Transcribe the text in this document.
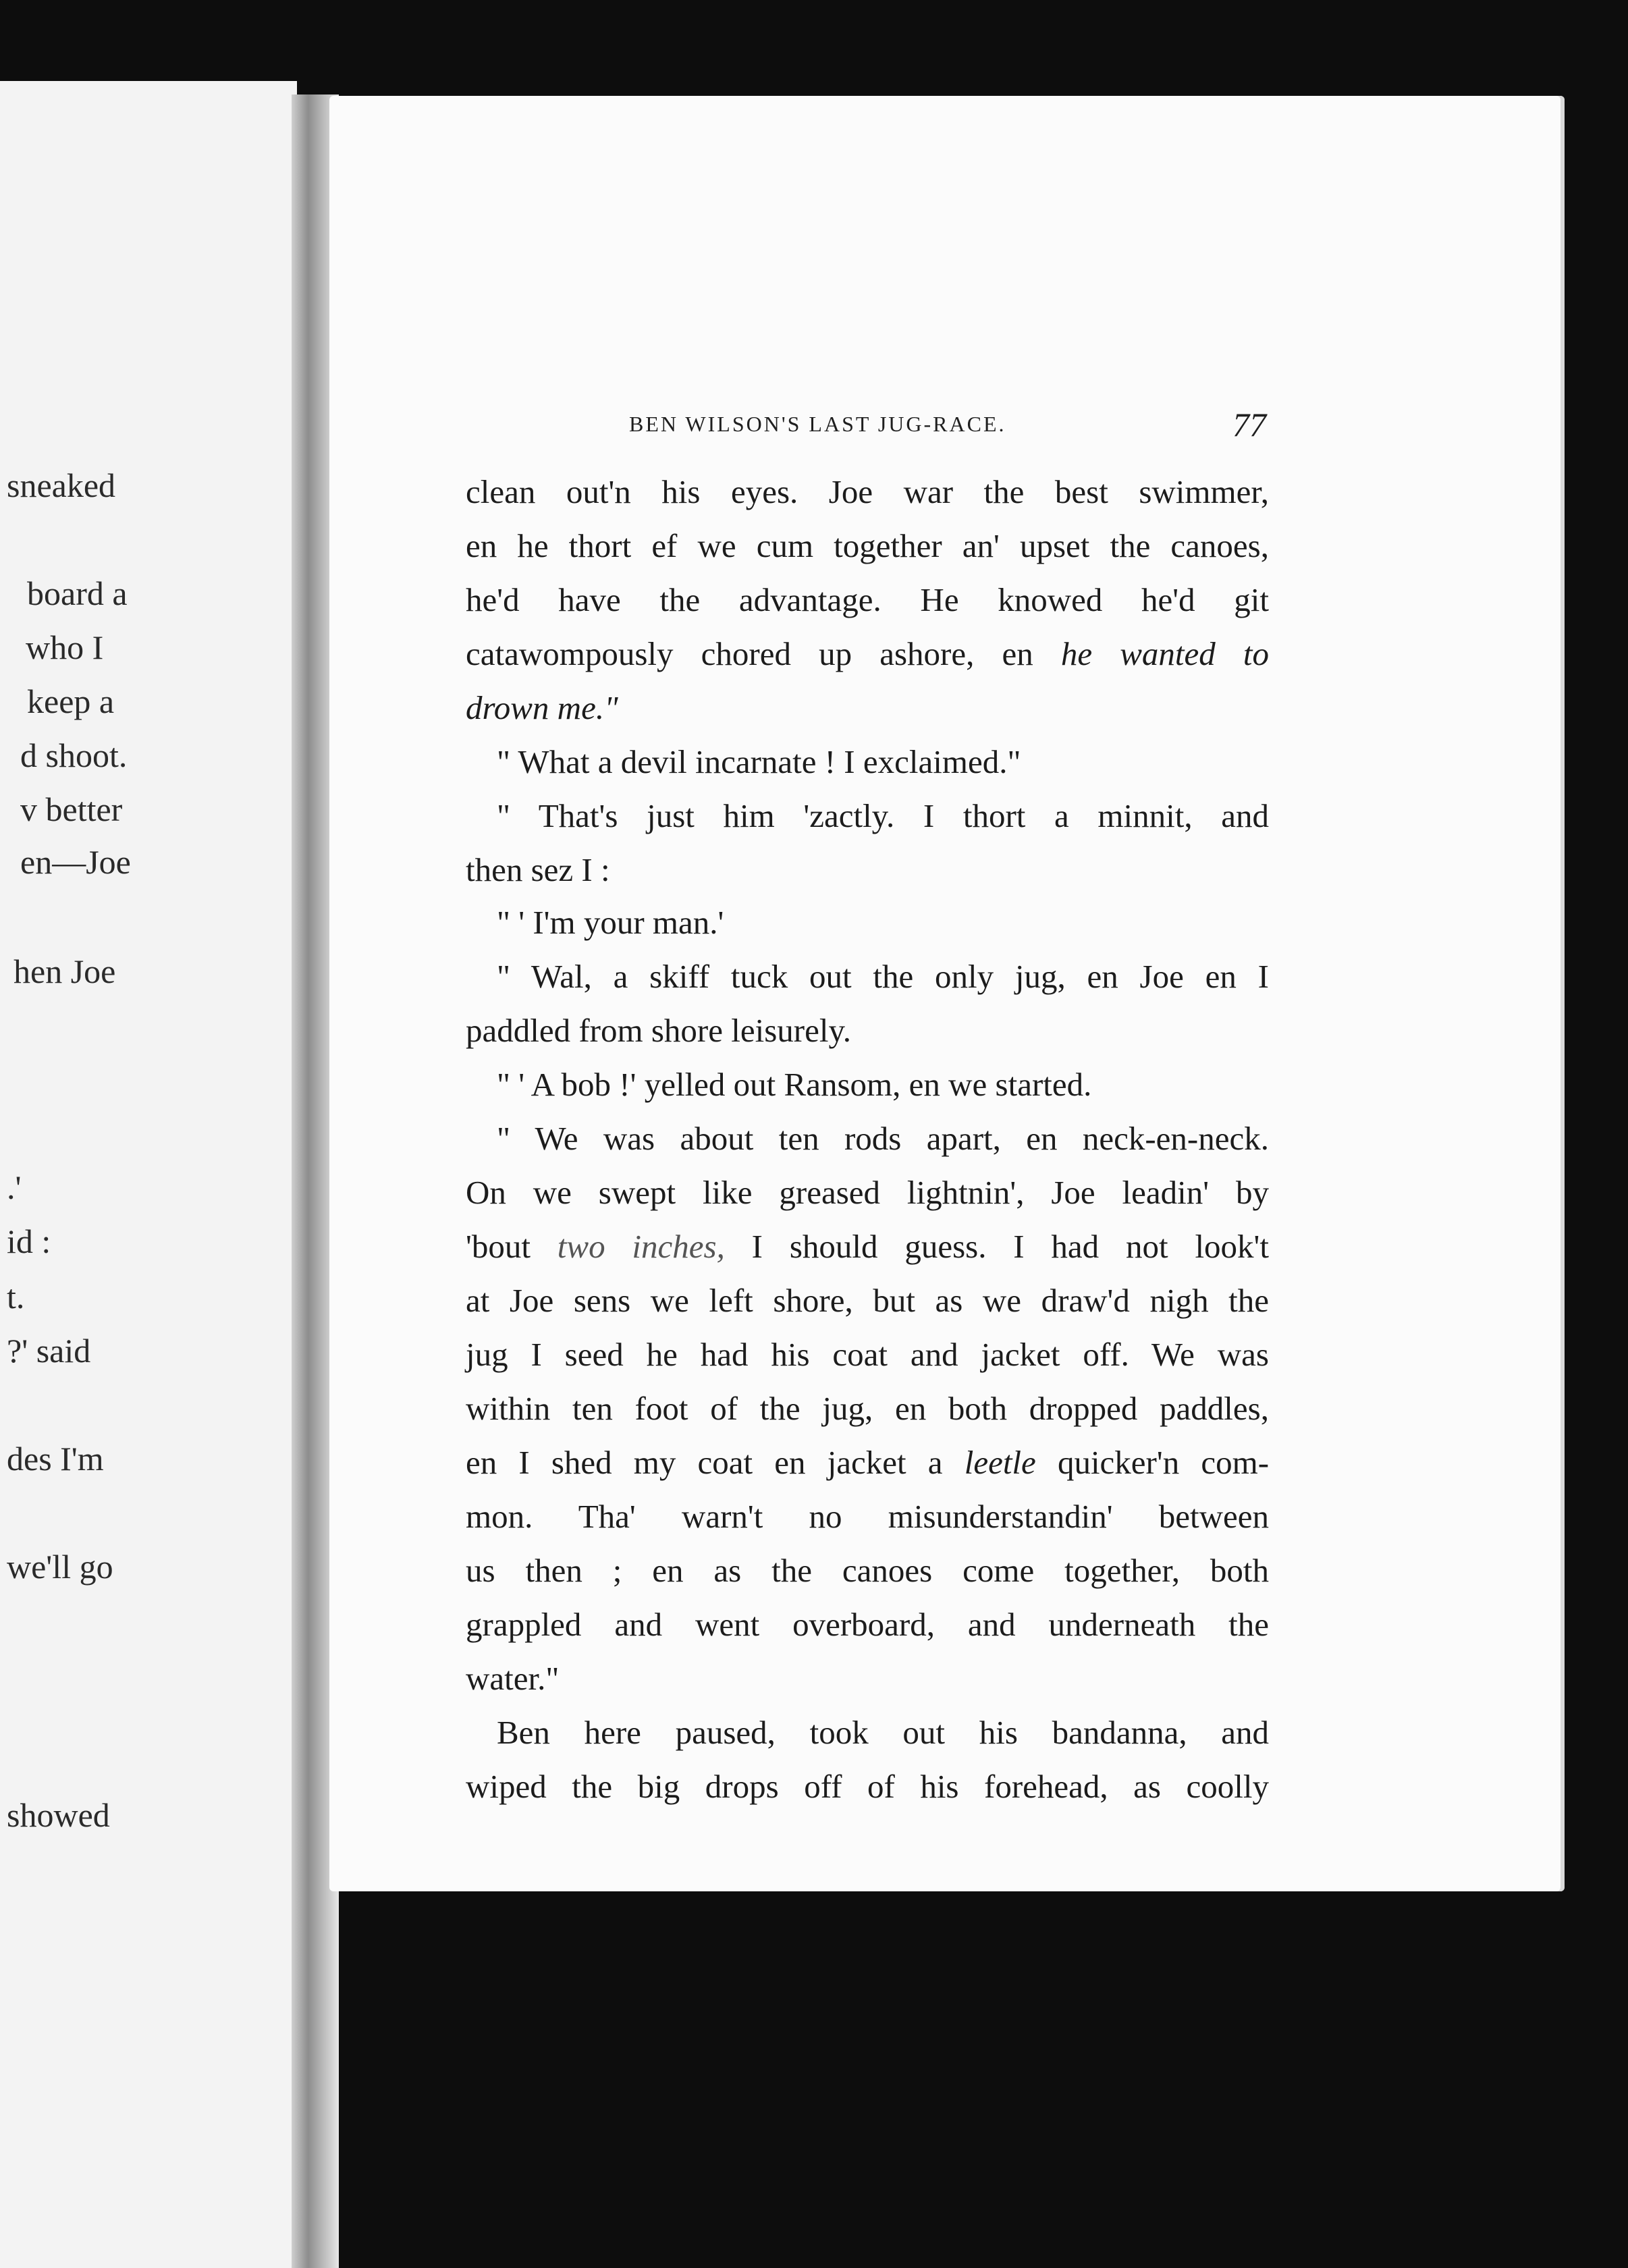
sneaked
board a
who I
keep a
d shoot.
v better
en—Joe
hen Joe
.'
id :
t.
?' said
des I'm
we'll go
showed
BEN WILSON'S LAST JUG-RACE.	77
clean out'n his eyes. Joe war the best swimmer,
en he thort ef we cum together an' upset the canoes,
he'd have the advantage. He knowed he'd git
catawompously chored up ashore, en he wanted to
drown me."
" What a devil incarnate ! I exclaimed."
" That's just him 'zactly. I thort a minnit, and
then sez I :
" ' I'm your man.'
" Wal, a skiff tuck out the only jug, en Joe en I
paddled from shore leisurely.
" ' A bob !' yelled out Ransom, en we started.
" We was about ten rods apart, en neck-en-neck.
On we swept like greased lightnin', Joe leadin' by
'bout two inches, I should guess. I had not look't
at Joe sens we left shore, but as we draw'd nigh the
jug I seed he had his coat and jacket off. We was
within ten foot of the jug, en both dropped paddles,
en I shed my coat en jacket a leetle quicker'n com-
mon. Tha' warn't no misunderstandin' between
us then ; en as the canoes come together, both
grappled and went overboard, and underneath the
water."
Ben here paused, took out his bandanna, and
wiped the big drops off of his forehead, as coolly
